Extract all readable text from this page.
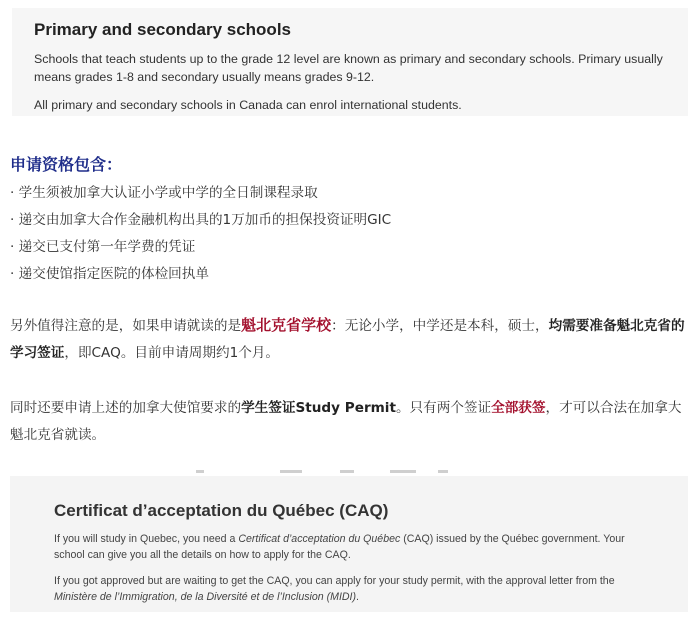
Primary and secondary schools

Schools that teach students up to the grade 12 level are known as primary and secondary schools. Primary usually means grades 1-8 and secondary usually means grades 9-12.

All primary and secondary schools in Canada can enrol international students.

申请资格包含：
· 学生须被加拿大认证小学或中学的全日制课程录取
· 递交由加拿大合作金融机构出具的1万加币的担保投资证明GIC
· 递交已支付第一年学费的凭证
· 递交使馆指定医院的体检回执单
另外值得注意的是，如果申请就读的是魁北克省学校：无论小学，中学还是本科，硕士，均需要准备魁北克省的学习签证，即CAQ。目前申请周期约1个月。
同时还要申请上述的加拿大使馆要求的学生签证Study Permit。只有两个签证全部获签，才可以合法在加拿大魁北克省就读。
Certificat d’acceptation du Québec (CAQ)

If you will study in Quebec, you need a Certificat d’acceptation du Québec (CAQ) issued by the Québec government. Your school can give you all the details on how to apply for the CAQ.

If you got approved but are waiting to get the CAQ, you can apply for your study permit, with the approval letter from the Ministère de l’Immigration, de la Diversité et de l’Inclusion (MIDI).
